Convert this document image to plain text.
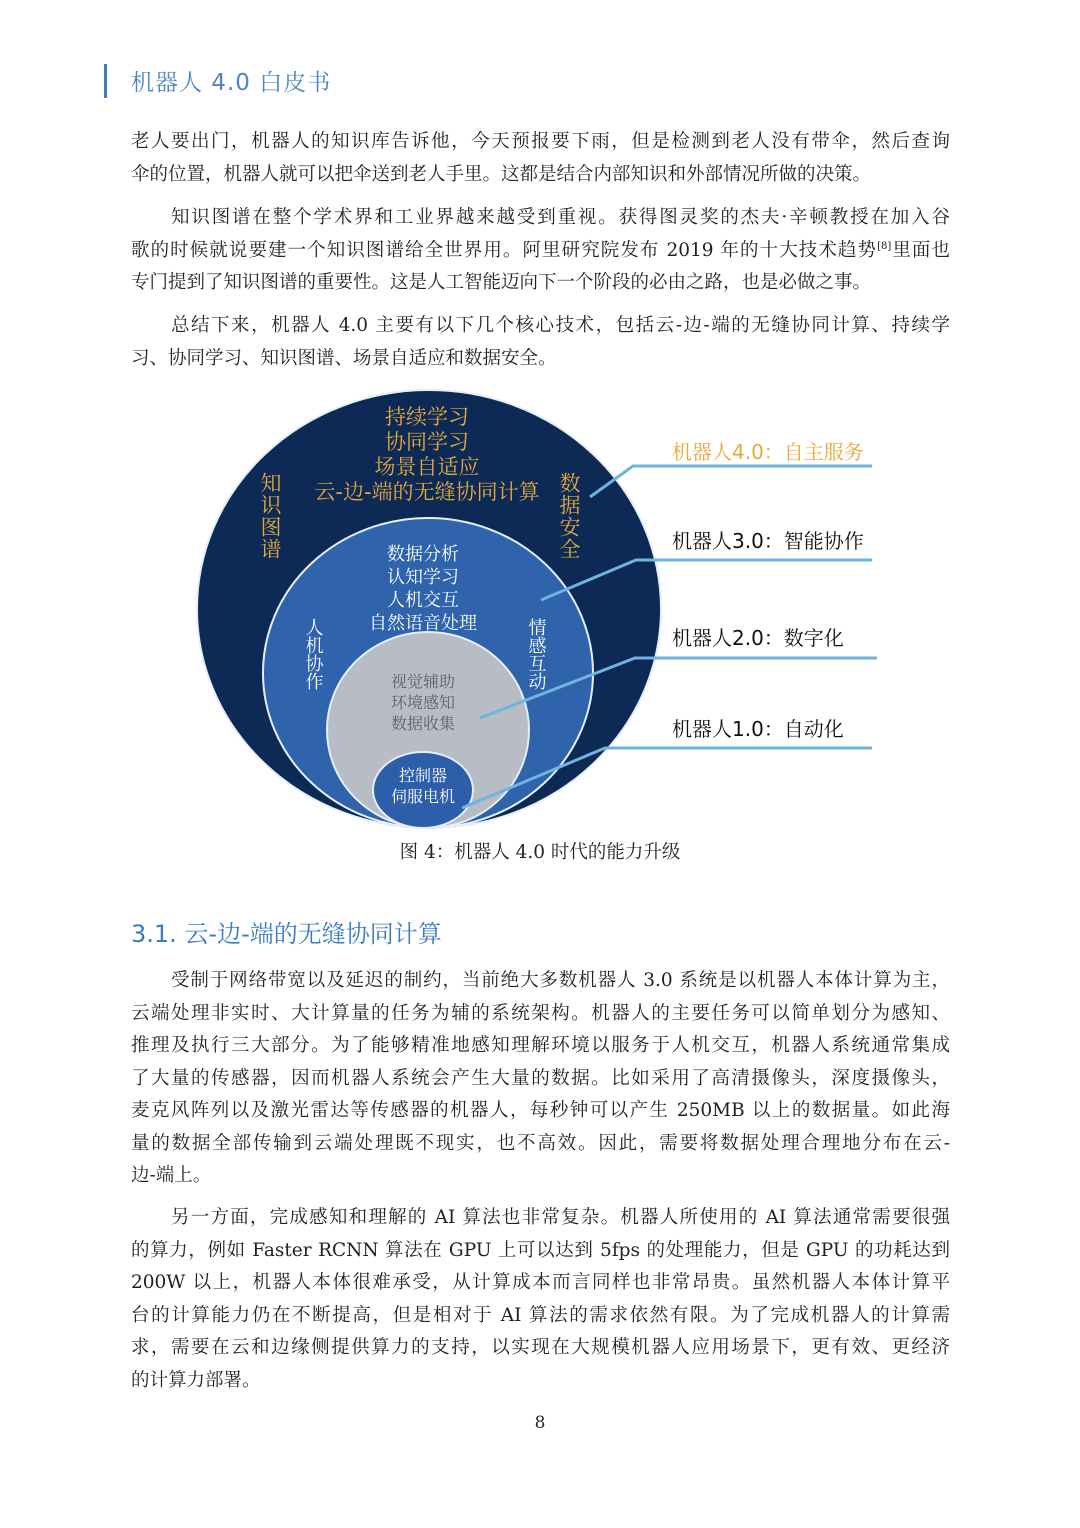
机器人 4.0 白皮书
老人要出门，机器人的知识库告诉他，今天预报要下雨，但是检测到老人没有带伞，然后查询
伞的位置，机器人就可以把伞送到老人手里。这都是结合内部知识和外部情况所做的决策。
知识图谱在整个学术界和工业界越来越受到重视。获得图灵奖的杰夫·辛顿教授在加入谷
歌的时候就说要建一个知识图谱给全世界用。阿里研究院发布 2019 年的十大技术趋势[8]里面也
专门提到了知识图谱的重要性。这是人工智能迈向下一个阶段的必由之路，也是必做之事。
总结下来，机器人 4.0 主要有以下几个核心技术，包括云-边-端的无缝协同计算、持续学
习、协同学习、知识图谱、场景自适应和数据安全。
持续学习
协同学习
场景自适应
云-边-端的无缝协同计算
知识图谱	数据安全
数据分析
认知学习
人机交互
自然语音处理
人机协作	情感互动
视觉辅助
环境感知
数据收集
控制器
伺服电机
机器人4.0：自主服务
机器人3.0：智能协作
机器人2.0：数字化
机器人1.0：自动化
图 4：机器人 4.0 时代的能力升级
3.1. 云-边-端的无缝协同计算
受制于网络带宽以及延迟的制约，当前绝大多数机器人 3.0 系统是以机器人本体计算为主，
云端处理非实时、大计算量的任务为辅的系统架构。机器人的主要任务可以简单划分为感知、
推理及执行三大部分。为了能够精准地感知理解环境以服务于人机交互，机器人系统通常集成
了大量的传感器，因而机器人系统会产生大量的数据。比如采用了高清摄像头，深度摄像头，
麦克风阵列以及激光雷达等传感器的机器人，每秒钟可以产生 250MB 以上的数据量。如此海
量的数据全部传输到云端处理既不现实，也不高效。因此，需要将数据处理合理地分布在云-
边-端上。
另一方面，完成感知和理解的 AI 算法也非常复杂。机器人所使用的 AI 算法通常需要很强
的算力，例如 Faster RCNN 算法在 GPU 上可以达到 5fps 的处理能力，但是 GPU 的功耗达到
200W 以上，机器人本体很难承受，从计算成本而言同样也非常昂贵。虽然机器人本体计算平
台的计算能力仍在不断提高，但是相对于 AI 算法的需求依然有限。为了完成机器人的计算需
求，需要在云和边缘侧提供算力的支持，以实现在大规模机器人应用场景下，更有效、更经济
的计算力部署。
8
